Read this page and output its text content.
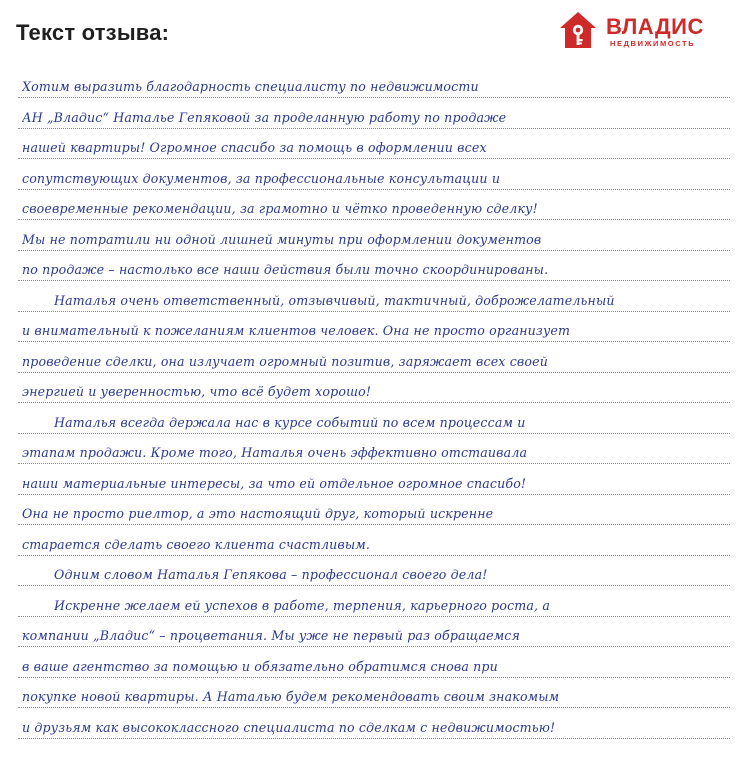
Текст отзыва:	ВЛАДИС
НЕДВИЖИМОСТЬ
Хотим выразить благодарность специалисту по недвижимости
АН „Владис“ Наталье Гепяковой за проделанную работу по продаже
нашей квартиры! Огромное спасибо за помощь в оформлении всех
сопутствующих документов, за профессиональные консультации и
своевременные рекомендации, за грамотно и чётко проведенную сделку!
Мы не потратили ни одной лишней минуты при оформлении документов
по продаже – настолько все наши действия были точно скоординированы.
Наталья очень ответственный, отзывчивый, тактичный, доброжелательный
и внимательный к пожеланиям клиентов человек. Она не просто организует
проведение сделки, она излучает огромный позитив, заряжает всех своей
энергией и уверенностью, что всё будет хорошо!
Наталья всегда держала нас в курсе событий по всем процессам и
этапам продажи. Кроме того, Наталья очень эффективно отстаивала
наши материальные интересы, за что ей отдельное огромное спасибо!
Она не просто риелтор, а это настоящий друг, который искренне
старается сделать своего клиента счастливым.
Одним словом Наталья Гепякова – профессионал своего дела!
Искренне желаем ей успехов в работе, терпения, карьерного роста, а
компании „Владис“ – процветания. Мы уже не первый раз обращаемся
в ваше агентство за помощью и обязательно обратимся снова при
покупке новой квартиры. А Наталью будем рекомендовать своим знакомым
и друзьям как высококлассного специалиста по сделкам с недвижимостью!
